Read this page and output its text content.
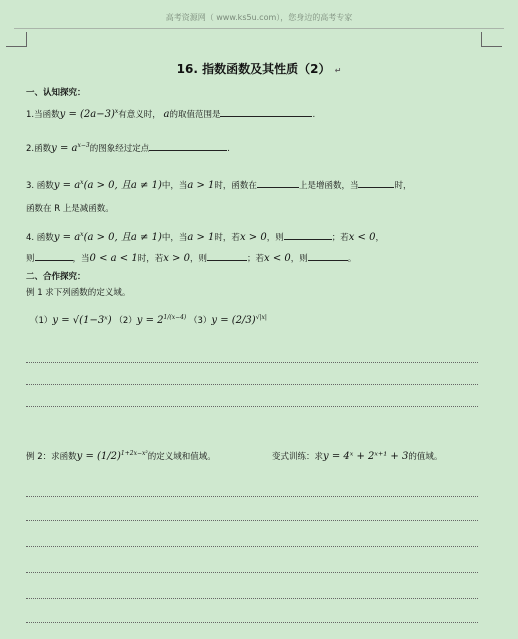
高考资源网（ www.ks5u.com），您身边的高考专家
16. 指数函数及其性质（2） ↵
一、认知探究：
1.当函数$y = (2a-3)^x$有意义时， a的取值范围是	.
2.函数$y = a^{x-3}$的图象经过定点	.
3. 函数$y = a^x(a > 0$, 且a ≠ 1)中，当a > 1时，函数在	上是增函数，当	时，
函数在 R 上是减函数。
4. 函数$y = a^x(a > 0$, 且a ≠ 1)中，当a > 1时，若x > 0，则	；若x < 0，
则	，当0 < a < 1时，若x > 0，则	；若x < 0，则	。
二、合作探究：
例 1 求下列函数的定义域。
（1）y = √(1−3ˣ) $(2)y = 2^{1/(x-4)}$ $(3)y = (2/3)^{√|x|}$
例 2：求函数$y = (1/2)^{1+2x-x^2}$的定义域和值域。	变式训练：求y = 4ˣ + 2ˣ⁺¹ + 3的值域。
